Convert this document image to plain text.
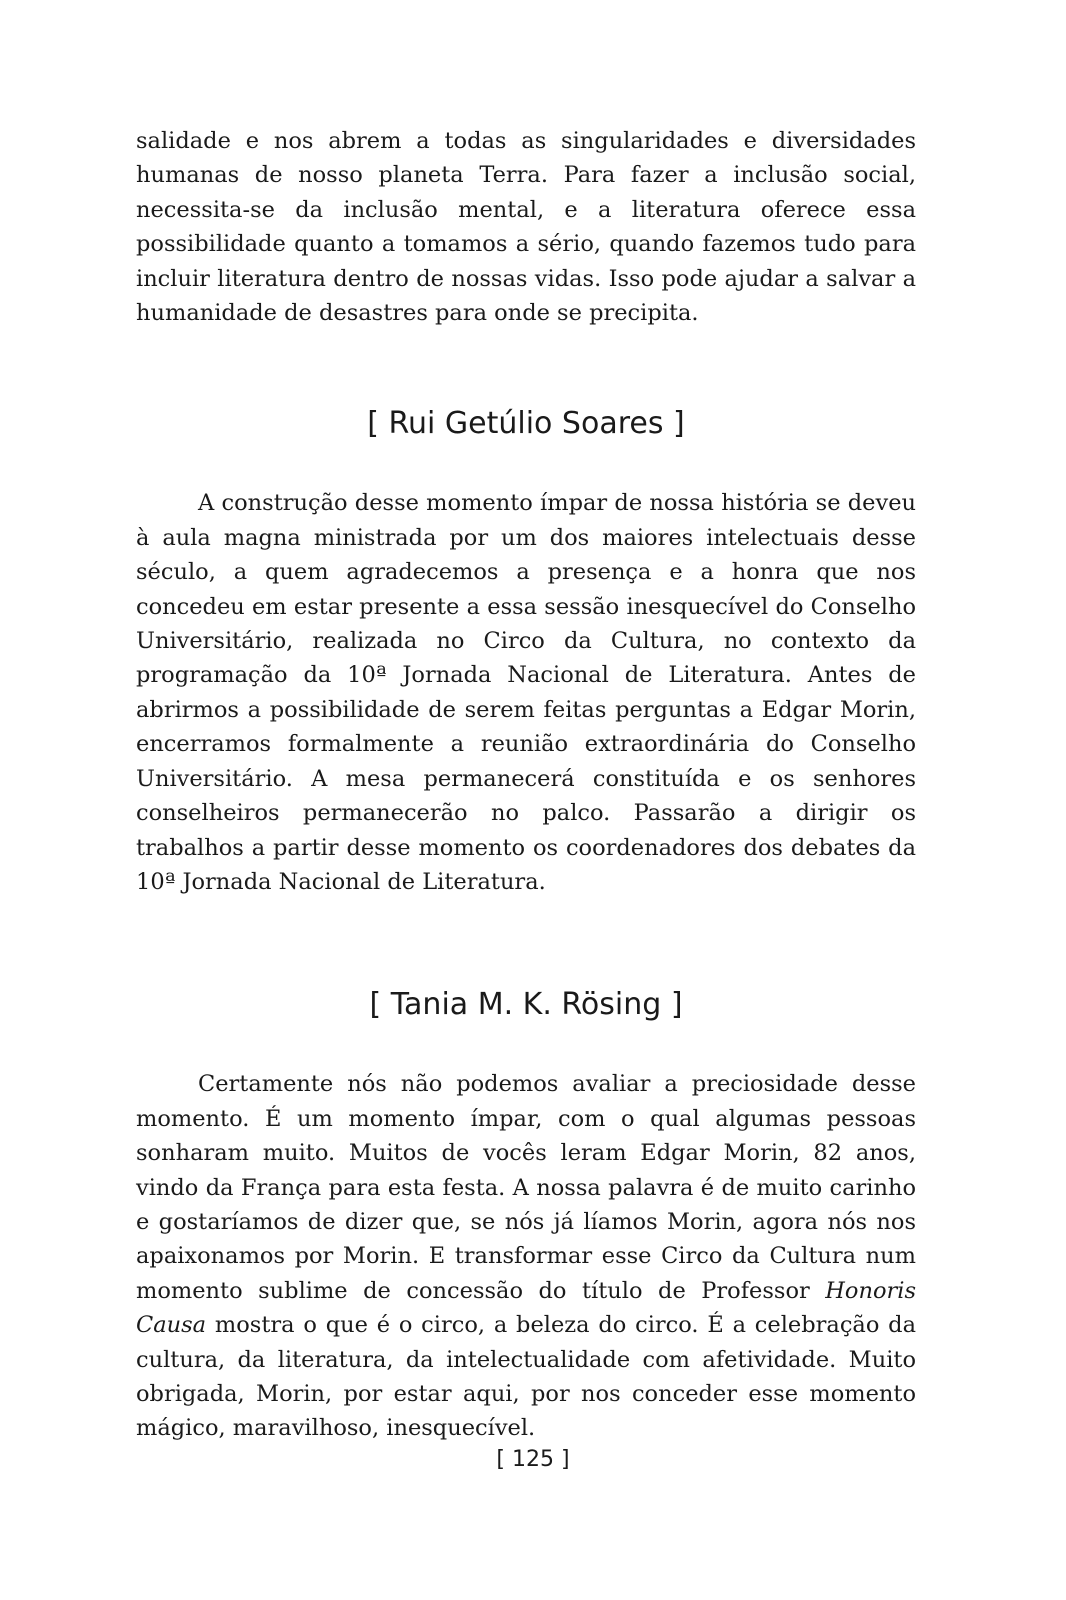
salidade e nos abrem a todas as singularidades e diversidades humanas de nosso planeta Terra. Para fazer a inclusão social, necessita-se da inclusão mental, e a literatura oferece essa possibilidade quanto a tomamos a sério, quando fazemos tudo para incluir literatura dentro de nossas vidas. Isso pode ajudar a salvar a humanidade de desastres para onde se precipita.

[ Rui Getúlio Soares ]

A construção desse momento ímpar de nossa história se deveu à aula magna ministrada por um dos maiores intelectuais desse século, a quem agradecemos a presença e a honra que nos concedeu em estar presente a essa sessão inesquecível do Conselho Universitário, realizada no Circo da Cultura, no contexto da programação da 10ª Jornada Nacional de Literatura. Antes de abrirmos a possibilidade de serem feitas perguntas a Edgar Morin, encerramos formalmente a reunião extraordinária do Conselho Universitário. A mesa permanecerá constituída e os senhores conselheiros permanecerão no palco. Passarão a dirigir os trabalhos a partir desse momento os coordenadores dos debates da 10ª Jornada Nacional de Literatura.

[ Tania M. K. Rösing ]

Certamente nós não podemos avaliar a preciosidade desse momento. É um momento ímpar, com o qual algumas pessoas sonharam muito. Muitos de vocês leram Edgar Morin, 82 anos, vindo da França para esta festa. A nossa palavra é de muito carinho e gostaríamos de dizer que, se nós já líamos Morin, agora nós nos apaixonamos por Morin. E transformar esse Circo da Cultura num momento sublime de concessão do título de Professor Honoris Causa mostra o que é o circo, a beleza do circo. É a celebração da cultura, da literatura, da intelectualidade com afetividade. Muito obrigada, Morin, por estar aqui, por nos conceder esse momento mágico, maravilhoso, inesquecível.

[ 125 ]
